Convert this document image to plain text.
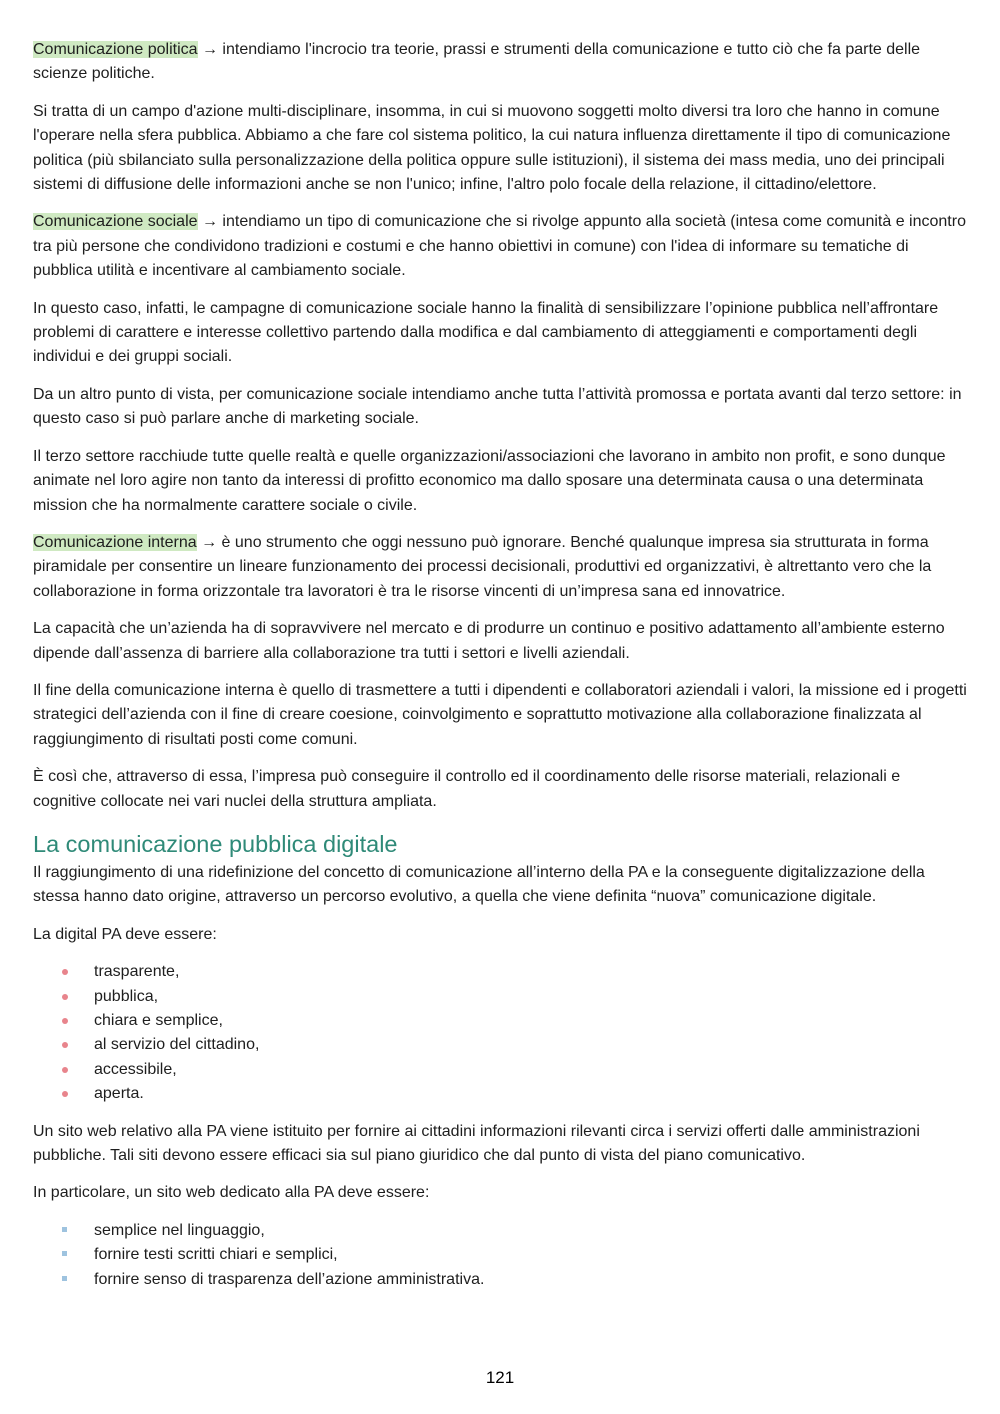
Comunicazione politica → intendiamo l'incrocio tra teorie, prassi e strumenti della comunicazione e tutto ciò che fa parte delle scienze politiche.

Si tratta di un campo d'azione multi-disciplinare, insomma, in cui si muovono soggetti molto diversi tra loro che hanno in comune l'operare nella sfera pubblica. Abbiamo a che fare col sistema politico, la cui natura influenza direttamente il tipo di comunicazione politica (più sbilanciato sulla personalizzazione della politica oppure sulle istituzioni), il sistema dei mass media, uno dei principali sistemi di diffusione delle informazioni anche se non l'unico; infine, l'altro polo focale della relazione, il cittadino/elettore.

Comunicazione sociale → intendiamo un tipo di comunicazione che si rivolge appunto alla società (intesa come comunità e incontro tra più persone che condividono tradizioni e costumi e che hanno obiettivi in comune) con l'idea di informare su tematiche di pubblica utilità e incentivare al cambiamento sociale.

In questo caso, infatti, le campagne di comunicazione sociale hanno la finalità di sensibilizzare l’opinione pubblica nell’affrontare problemi di carattere e interesse collettivo partendo dalla modifica e dal cambiamento di atteggiamenti e comportamenti degli individui e dei gruppi sociali.

Da un altro punto di vista, per comunicazione sociale intendiamo anche tutta l’attività promossa e portata avanti dal terzo settore: in questo caso si può parlare anche di marketing sociale.

Il terzo settore racchiude tutte quelle realtà e quelle organizzazioni/associazioni che lavorano in ambito non profit, e sono dunque animate nel loro agire non tanto da interessi di profitto economico ma dallo sposare una determinata causa o una determinata mission che ha normalmente carattere sociale o civile.

Comunicazione interna → è uno strumento che oggi nessuno può ignorare. Benché qualunque impresa sia strutturata in forma piramidale per consentire un lineare funzionamento dei processi decisionali, produttivi ed organizzativi, è altrettanto vero che la collaborazione in forma orizzontale tra lavoratori è tra le risorse vincenti di un’impresa sana ed innovatrice.

La capacità che un’azienda ha di sopravvivere nel mercato e di produrre un continuo e positivo adattamento all’ambiente esterno dipende dall’assenza di barriere alla collaborazione tra tutti i settori e livelli aziendali.

Il fine della comunicazione interna è quello di trasmettere a tutti i dipendenti e collaboratori aziendali i valori, la missione ed i progetti strategici dell’azienda con il fine di creare coesione, coinvolgimento e soprattutto motivazione alla collaborazione finalizzata al raggiungimento di risultati posti come comuni.

È così che, attraverso di essa, l’impresa può conseguire il controllo ed il coordinamento delle risorse materiali, relazionali e cognitive collocate nei vari nuclei della struttura ampliata.

La comunicazione pubblica digitale

Il raggiungimento di una ridefinizione del concetto di comunicazione all’interno della PA e la conseguente digitalizzazione della stessa hanno dato origine, attraverso un percorso evolutivo, a quella che viene definita “nuova” comunicazione digitale.

La digital PA deve essere:

trasparente,
pubblica,
chiara e semplice,
al servizio del cittadino,
accessibile,
aperta.

Un sito web relativo alla PA viene istituito per fornire ai cittadini informazioni rilevanti circa i servizi offerti dalle amministrazioni pubbliche. Tali siti devono essere efficaci sia sul piano giuridico che dal punto di vista del piano comunicativo.

In particolare, un sito web dedicato alla PA deve essere:

semplice nel linguaggio,
fornire testi scritti chiari e semplici,
fornire senso di trasparenza dell’azione amministrativa.
121
